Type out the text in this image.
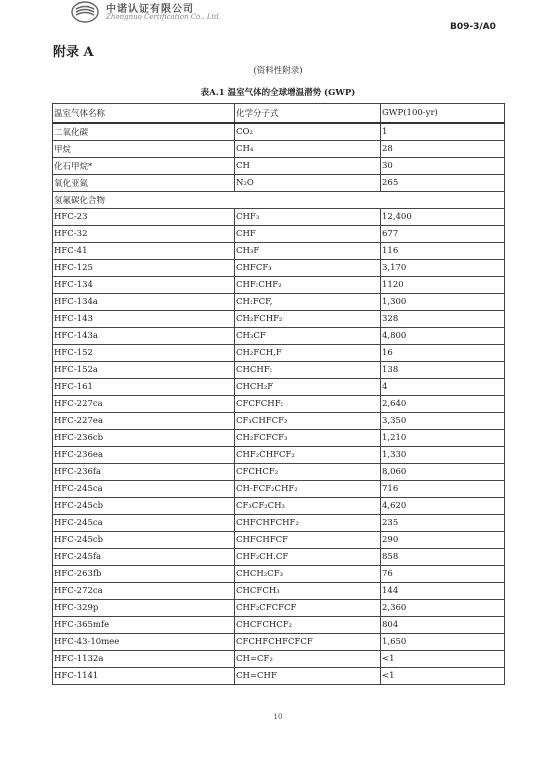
中诺认证有限公司
Zhongnuo Certification Co., Ltd.
B09-3/A0
附录 A
(资料性附录)
表A.1 温室气体的全球增温潜势 (GWP)
温室气体名称	化学分子式	GWP(100-yr)
二氧化碳	CO₂	1
甲烷	CH₄	28
化石甲烷*	CH	30
氧化亚氮	N₂O	265
氢氟碳化合物		
HFC-23	CHF₃	12,400
HFC-32	CHF	677
HFC-41	CH₃F	116
HFC-125	CHFCF₃	3,170
HFC-134	CHF:CHF₂	1120
HFC-134a	CH:FCF,	1,300
HFC-143	CH₂FCHF₂	328
HFC-143a	CH₃CF	4,800
HFC-152	CH₂FCH,F	16
HFC-152a	CHCHF:	138
HFC-161	CHCH₂F	4
HFC-227ca	CFCFCHF:	2,640
HFC-227ea	CF₃CHFCF₂	3,350
HFC-236cb	CH₂FCFCF₃	1,210
HFC-236ea	CHF₂CHFCF₂	1,330
HFC-236fa	CFCHCF₂	8,060
HFC-245ca	CH-FCF₂CHF₂	716
HFC-245cb	CF₃CF₂CH₃	4,620
HFC-245ca	CHFCHFCHF₂	235
HFC-245cb	CHFCHFCF	290
HFC-245fa	CHF₂CH.CF	858
HFC-263fb	CHCH₂CF₃	76
HFC-272ca	CHCFCH₃	144
HFC-329p	CHF₂CFCFCF	2,360
HFC-365mfe	CHCFCHCF₂	804
HFC-43-10mee	CFCHFCHFCFCF	1,650
HFC-1132a	CH=CF₂	<1
HFC-1141	CH=CHF	<1
10
